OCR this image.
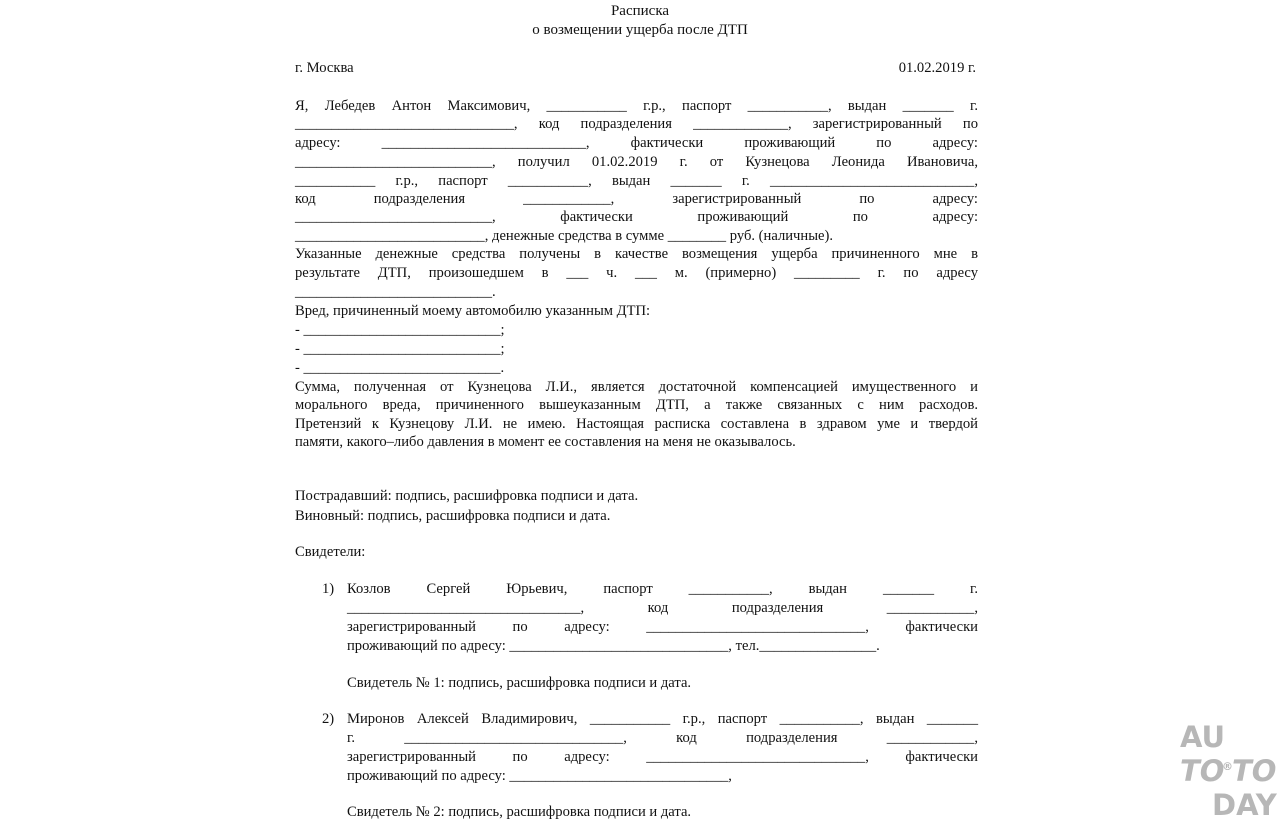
Расписка

о возмещении ущерба после ДТП

г. Москва	01.02.2019 г.

Я, Лебедев Антон Максимович, ___________ г.р., паспорт ___________, выдан _______ г.

______________________________, код подразделения _____________, зарегистрированный по

адресу: ____________________________, фактически проживающий по адресу:

___________________________, получил 01.02.2019 г. от Кузнецова Леонида Ивановича,

___________ г.р., паспорт ___________, выдан _______ г. ____________________________,

код подразделения ____________, зарегистрированный по адресу:

___________________________, фактически проживающий по адресу:

__________________________, денежные средства в сумме ________ руб. (наличные).

Указанные денежные средства получены в качестве возмещения ущерба причиненного мне в

результате ДТП, произошедшем в ___ ч. ___ м. (примерно) _________ г. по адресу

___________________________.

Вред, причиненный моему автомобилю указанным ДТП:

- ___________________________;

- ___________________________;

- ___________________________.

Сумма, полученная от Кузнецова Л.И., является достаточной компенсацией имущественного и

морального вреда, причиненного вышеуказанным ДТП, а также связанных с ним расходов.

Претензий к Кузнецову Л.И. не имею. Настоящая расписка составлена в здравом уме и твердой

памяти, какого–либо давления в момент ее составления на меня не оказывалось.

Пострадавший: подпись, расшифровка подписи и дата.

Виновный: подпись, расшифровка подписи и дата.

Свидетели:

1) Козлов Сергей Юрьевич, паспорт ___________, выдан _______ г.

________________________________, код подразделения ____________,

зарегистрированный по адресу: ______________________________, фактически

проживающий по адресу: ______________________________, тел.________________.

Свидетель № 1: подпись, расшифровка подписи и дата.

2) Миронов Алексей Владимирович, ___________ г.р., паспорт ___________, выдан _______

г. ______________________________, код подразделения ____________,

зарегистрированный по адресу: ______________________________, фактически

проживающий по адресу: ______________________________,

Свидетель № 2: подпись, расшифровка подписи и дата.

AU
TO
® TO
DAY
